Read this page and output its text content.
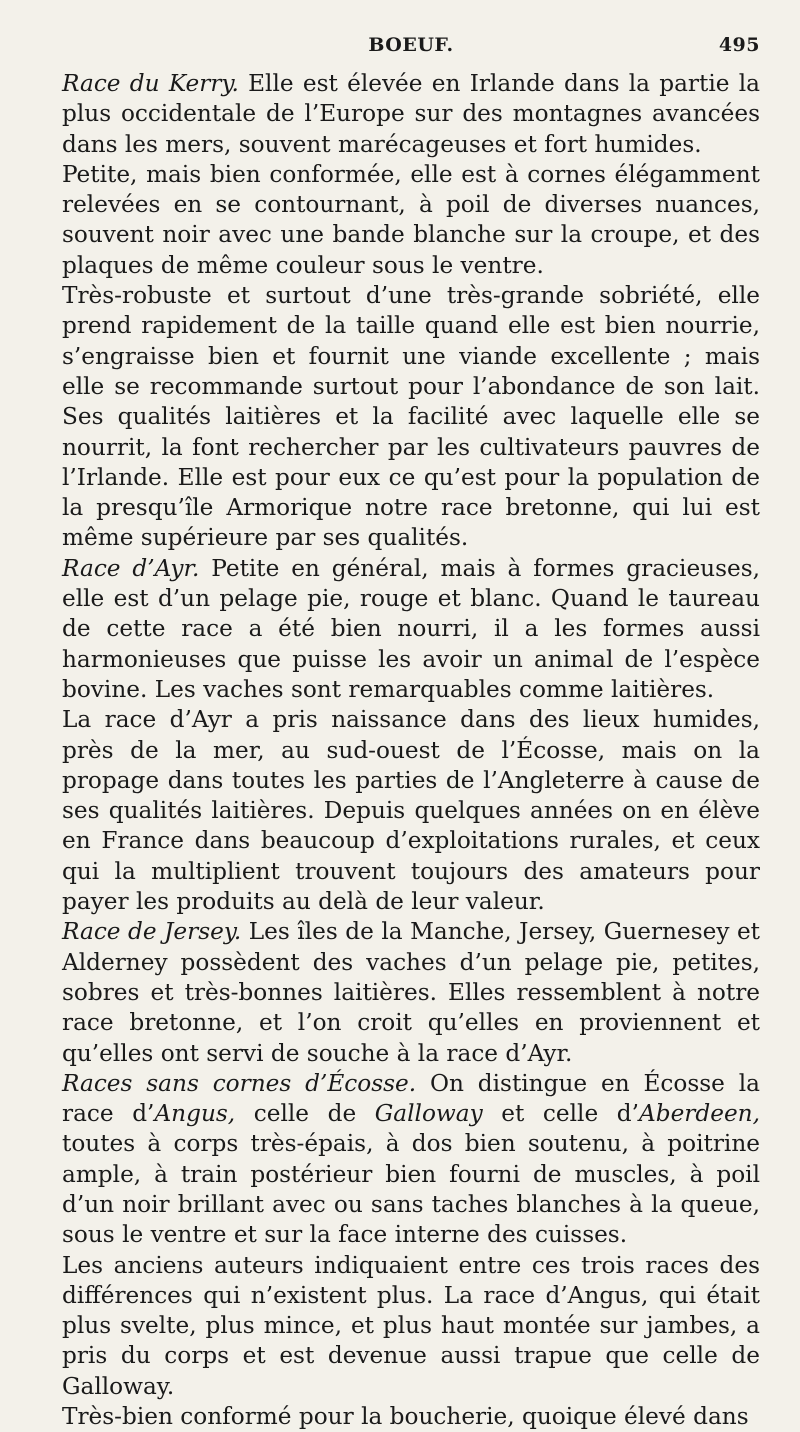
BOEUF.	495

Race du Kerry. Elle est élevée en Irlande dans la partie la plus occidentale de l’Europe sur des montagnes avancées dans les mers, souvent marécageuses et fort humides.

Petite, mais bien conformée, elle est à cornes élégamment relevées en se contournant, à poil de diverses nuances, souvent noir avec une bande blanche sur la croupe, et des plaques de même couleur sous le ventre.

Très-robuste et surtout d’une très-grande sobriété, elle prend rapidement de la taille quand elle est bien nourrie, s’engraisse bien et fournit une viande excellente ; mais elle se recommande surtout pour l’abondance de son lait. Ses qualités laitières et la facilité avec laquelle elle se nourrit, la font rechercher par les cultivateurs pauvres de l’Irlande. Elle est pour eux ce qu’est pour la population de la presqu’île Armorique notre race bretonne, qui lui est même supérieure par ses qualités.

Race d’Ayr. Petite en général, mais à formes gracieuses, elle est d’un pelage pie, rouge et blanc. Quand le taureau de cette race a été bien nourri, il a les formes aussi harmonieuses que puisse les avoir un animal de l’espèce bovine. Les vaches sont remarquables comme laitières.

La race d’Ayr a pris naissance dans des lieux humides, près de la mer, au sud-ouest de l’Écosse, mais on la propage dans toutes les parties de l’Angleterre à cause de ses qualités laitières. Depuis quelques années on en élève en France dans beaucoup d’exploitations rurales, et ceux qui la multiplient trouvent toujours des amateurs pour payer les produits au delà de leur valeur.

Race de Jersey. Les îles de la Manche, Jersey, Guernesey et Alderney possèdent des vaches d’un pelage pie, petites, sobres et très-bonnes laitières. Elles ressemblent à notre race bretonne, et l’on croit qu’elles en proviennent et qu’elles ont servi de souche à la race d’Ayr.

Races sans cornes d’Écosse. On distingue en Écosse la race d’Angus, celle de Galloway et celle d’Aberdeen, toutes à corps très-épais, à dos bien soutenu, à poitrine ample, à train postérieur bien fourni de muscles, à poil d’un noir brillant avec ou sans taches blanches à la queue, sous le ventre et sur la face interne des cuisses.

Les anciens auteurs indiquaient entre ces trois races des différences qui n’existent plus. La race d’Angus, qui était plus svelte, plus mince, et plus haut montée sur jambes, a pris du corps et est devenue aussi trapue que celle de Galloway.

Très-bien conformé pour la boucherie, quoique élevé dans
